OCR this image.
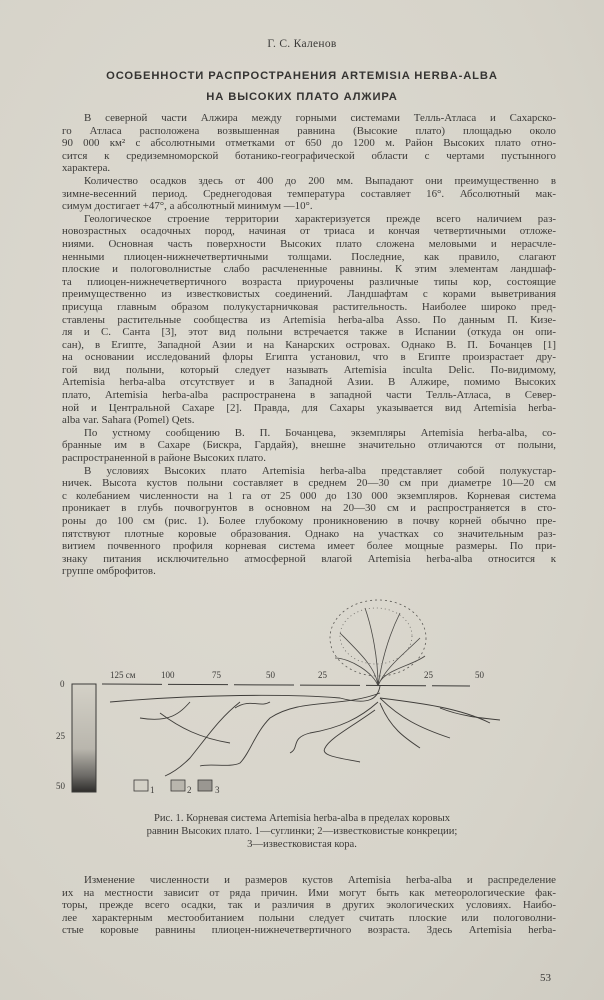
Г. С. Каленов
ОСОБЕННОСТИ РАСПРОСТРАНЕНИЯ ARTEMISIA HERBA-ALBA
НА ВЫСОКИХ ПЛАТО АЛЖИРА
В северной части Алжира между горными системами Телль-Атласа и Сахарско-
го Атласа расположена возвышенная равнина (Высокие плато) площадью около
90 000 км² с абсолютными отметками от 650 до 1200 м. Район Высоких плато отно-
сится к средиземноморской ботанико-географической области с чертами пустынного
характера.
Количество осадков здесь от 400 до 200 мм. Выпадают они преимущественно в
зимне-весенний период. Среднегодовая температура составляет 16°. Абсолютный мак-
симум достигает +47°, а абсолютный минимум —10°.
Геологическое строение территории характеризуется прежде всего наличием раз-
новозрастных осадочных пород, начиная от триаса и кончая четвертичными отложе-
ниями. Основная часть поверхности Высоких плато сложена меловыми и нерасчле-
ненными плиоцен-нижнечетвертичными толщами. Последние, как правило, слагают
плоские и пологоволнистые слабо расчлененные равнины. К этим элементам ландшаф-
та плиоцен-нижнечетвертичного возраста приурочены различные типы кор, состоящие
преимущественно из известковистых соединений. Ландшафтам с корами выветривания
присуща главным образом полукустарничковая растительность. Наиболее широко пред-
ставлены растительные сообщества из Artemisia herba-alba Asso. По данным П. Кизе-
ля и С. Санта [3], этот вид полыни встречается также в Испании (откуда он опи-
сан), в Египте, Западной Азии и на Канарских островах. Однако В. П. Бочанцев [1]
на основании исследований флоры Египта установил, что в Египте произрастает дру-
гой вид полыни, который следует называть Artemisia inculta Delic. По-видимому,
Artemisia herba-alba отсутствует и в Западной Азии. В Алжире, помимо Высоких
плато, Artemisia herba-alba распространена в западной части Телль-Атласа, в Север-
ной и Центральной Сахаре [2]. Правда, для Сахары указывается вид Artemisia herba-
alba var. Sahara (Pomel) Qets.
По устному сообщению В. П. Бочанцева, экземпляры Artemisia herba-alba, со-
бранные им в Сахаре (Бискра, Гардайя), внешне значительно отличаются от полыни,
распространенной в районе Высоких плато.
В условиях Высоких плато Artemisia herba-alba представляет собой полукустар-
ничек. Высота кустов полыни составляет в среднем 20—30 см при диаметре 10—20 см
с колебанием численности на 1 га от 25 000 до 130 000 экземпляров. Корневая система
проникает в глубь почвогрунтов в основном на 20—30 см и распространяется в сто-
роны до 100 см (рис. 1). Более глубокому проникновению в почву корней обычно пре-
пятствуют плотные коровые образования. Однако на участках со значительным раз-
витием почвенного профиля корневая система имеет более мощные размеры. По при-
знаку питания исключительно атмосферной влагой Artemisia herba-alba относится к
группе омброфитов.
0
25
50
125 см	100	75	50	25	25	50
1	2	3
Рис. 1. Корневая система Artemisia herba-alba в пределах коровых
равнин Высоких плато. 1—суглинки; 2—известковистые конкреции;
3—известковистая кора.
Изменение численности и размеров кустов Artemisia herba-alba и распределение
их на местности зависит от ряда причин. Ими могут быть как метеорологические фак-
торы, прежде всего осадки, так и различия в других экологических условиях. Наибо-
лее характерным местообитанием полыни следует считать плоские или пологоволни-
стые коровые равнины плиоцен-нижнечетвертичного возраста. Здесь Artemisia herba-
53
